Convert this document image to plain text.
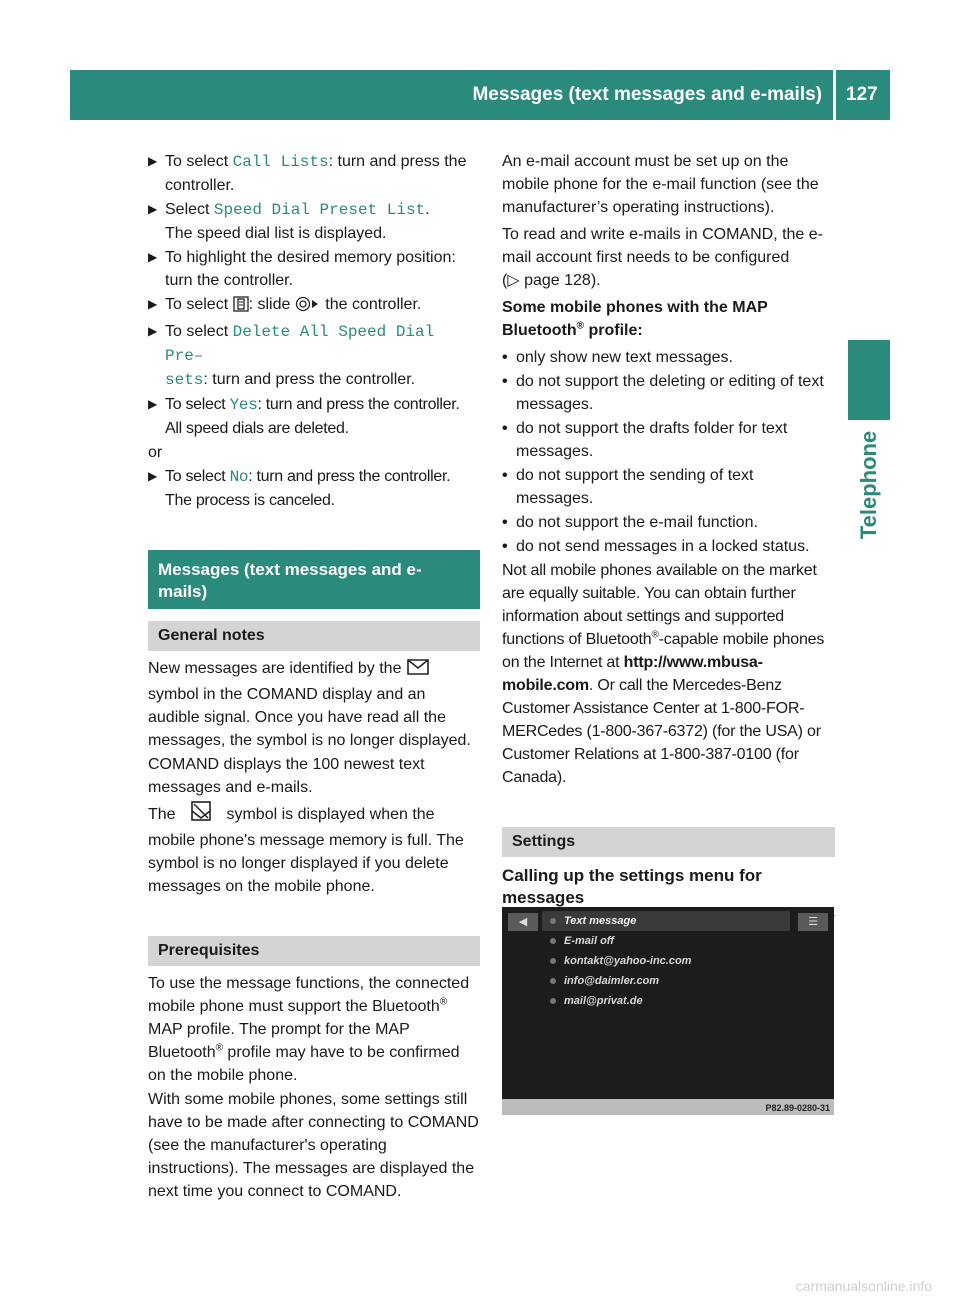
Messages (text messages and e-mails) 127
Telephone
▶ To select Call Lists: turn and press the controller.
▶ Select Speed Dial Preset List.
The speed dial list is displayed.
▶ To highlight the desired memory position: turn the controller.
▶ To select : slide  the controller.
▶ To select Delete All Speed Dial Pre–
sets: turn and press the controller.
▶ To select Yes: turn and press the controller.
All speed dials are deleted.
or
▶ To select No: turn and press the controller.
The process is canceled.
Messages (text messages and e-mails)
General notes
New messages are identified by the  symbol in the COMAND display and an audible signal. Once you have read all the messages, the symbol is no longer displayed.
COMAND displays the 100 newest text messages and e-mails.
The	symbol is displayed when the mobile phone's message memory is full. The symbol is no longer displayed if you delete messages on the mobile phone.
Prerequisites
To use the message functions, the connected mobile phone must support the Bluetooth® MAP profile. The prompt for the MAP Bluetooth® profile may have to be confirmed on the mobile phone.
With some mobile phones, some settings still have to be made after connecting to COMAND (see the manufacturer's operating instructions). The messages are displayed the next time you connect to COMAND.
An e-mail account must be set up on the mobile phone for the e-mail function (see the manufacturer’s operating instructions).
To read and write e-mails in COMAND, the e-mail account first needs to be configured
(▷ page 128).
Some mobile phones with the MAP Bluetooth® profile:
• only show new text messages.
• do not support the deleting or editing of text messages.
• do not support the drafts folder for text messages.
• do not support the sending of text messages.
• do not support the e-mail function.
• do not send messages in a locked status.
Not all mobile phones available on the market are equally suitable. You can obtain further information about settings and supported functions of Bluetooth®-capable mobile phones on the Internet at http://www.mbusa-mobile.com. Or call the Mercedes-Benz Customer Assistance Center at 1-800-FOR-MERCedes (1-800-367-6372) (for the USA) or Customer Relations at 1-800-387-0100 (for Canada).
Settings
Calling up the settings menu for messages
◀	☰
Text message
E-mail off
kontakt@yahoo-inc.com
info@daimler.com
mail@privat.de
P82.89-0280-31
carmanualsonline.info
